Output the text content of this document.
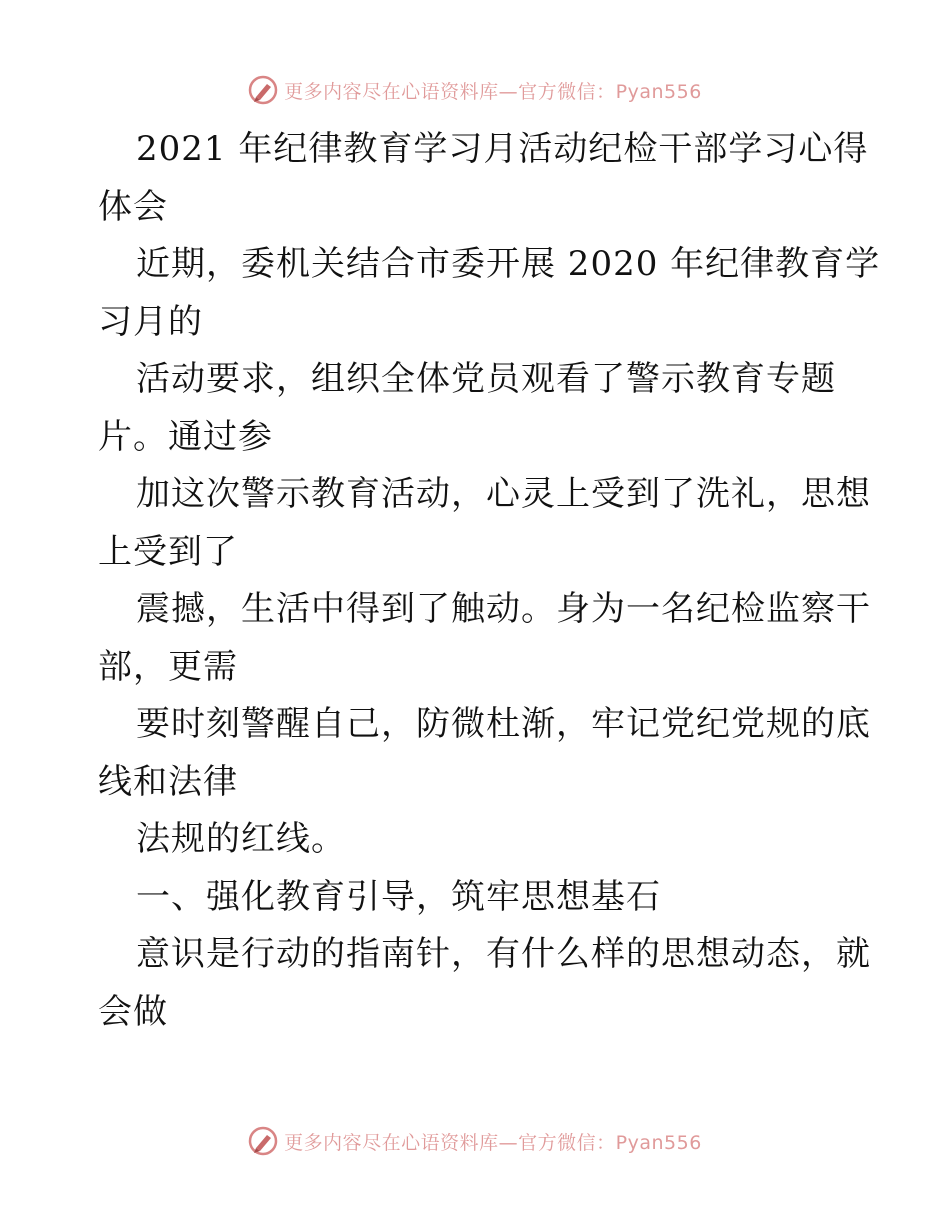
更多内容尽在心语资料库—官方微信：Pyan556
2021 年纪律教育学习月活动纪检干部学习心得
体会
近期，委机关结合市委开展 2020 年纪律教育学
习月的
活动要求，组织全体党员观看了警示教育专题
片。通过参
加这次警示教育活动，心灵上受到了洗礼，思想
上受到了
震撼，生活中得到了触动。身为一名纪检监察干
部，更需
要时刻警醒自己，防微杜渐，牢记党纪党规的底
线和法律
法规的红线。
一、强化教育引导，筑牢思想基石
意识是行动的指南针，有什么样的思想动态，就
会做
更多内容尽在心语资料库—官方微信：Pyan556
